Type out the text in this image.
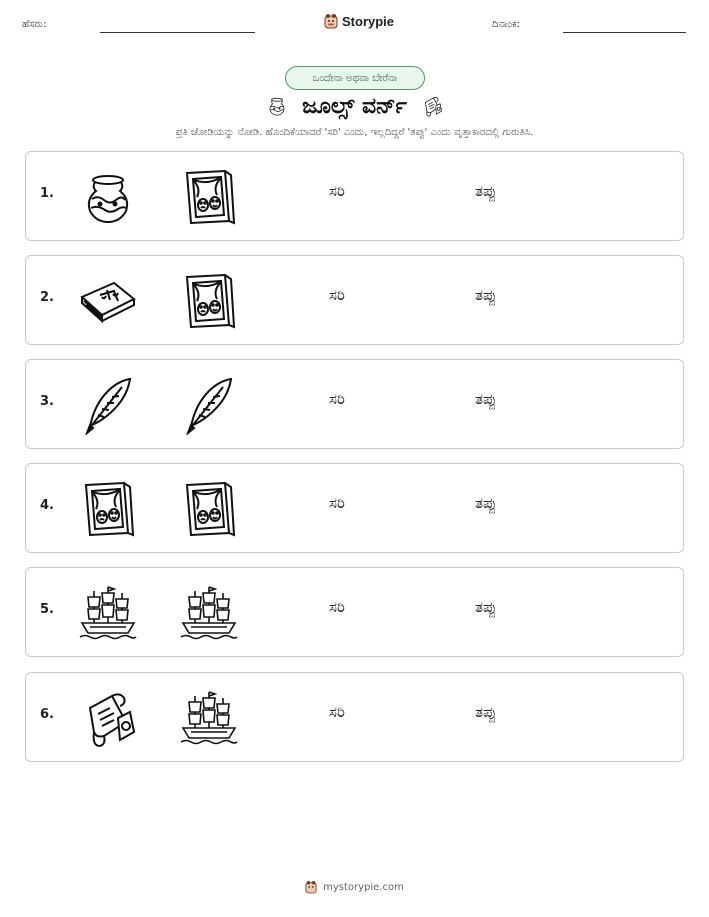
ಹೆಸರು:	Storypie	ದಿನಾಂಕ:
ಒಂದೇನಾ ಅಥವಾ ಬೇರೆನಾ
ಜೂಲ್ಸ್ ವರ್ನ್
ಪ್ರತಿ ಜೋಡಿಯನ್ನು ನೋಡಿ. ಹೊಂದಿಕೆಯಾದರೆ 'ಸರಿ' ಎಂದು, ಇಲ್ಲದಿದ್ದರೆ 'ತಪ್ಪು' ಎಂದು ವೃತ್ತಾಕಾರದಲ್ಲಿ ಗುರುತಿಸಿ.
1.	ಸರಿ	ತಪ್ಪು
2.	ಸರಿ	ತಪ್ಪು
3.	ಸರಿ	ತಪ್ಪು
4.	ಸರಿ	ತಪ್ಪು
5.	ಸರಿ	ತಪ್ಪು
6.	ಸರಿ	ತಪ್ಪು
mystorypie.com
